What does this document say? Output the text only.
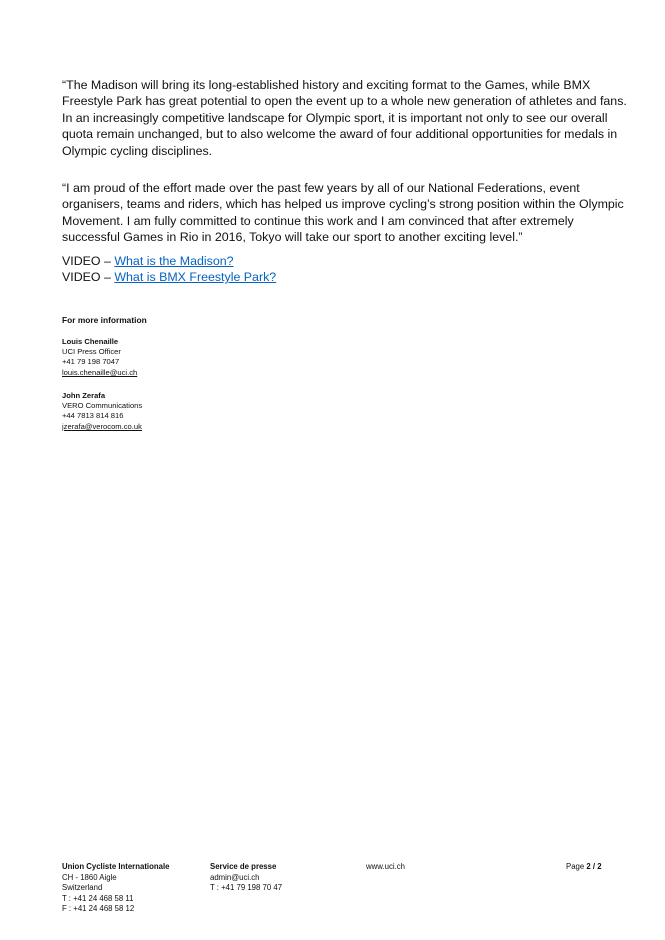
“The Madison will bring its long-established history and exciting format to the Games, while BMX Freestyle Park has great potential to open the event up to a whole new generation of athletes and fans. In an increasingly competitive landscape for Olympic sport, it is important not only to see our overall quota remain unchanged, but to also welcome the award of four additional opportunities for medals in Olympic cycling disciplines.

“I am proud of the effort made over the past few years by all of our National Federations, event organisers, teams and riders, which has helped us improve cycling’s strong position within the Olympic Movement. I am fully committed to continue this work and I am convinced that after extremely successful Games in Rio in 2016, Tokyo will take our sport to another exciting level.”

VIDEO – What is the Madison?
VIDEO – What is BMX Freestyle Park?
For more information
Louis Chenaille
UCI Press Officer
+41 79 198 7047
louis.chenaille@uci.ch
John Zerafa
VERO Communications
+44 7813 814 816
jzerafa@verocom.co.uk
Union Cycliste Internationale
CH - 1860 Aigle
Switzerland
T : +41 24 468 58 11
F : +41 24 468 58 12
Service de presse
admin@uci.ch
T : +41 79 198 70 47
www.uci.ch	Page 2 / 2
